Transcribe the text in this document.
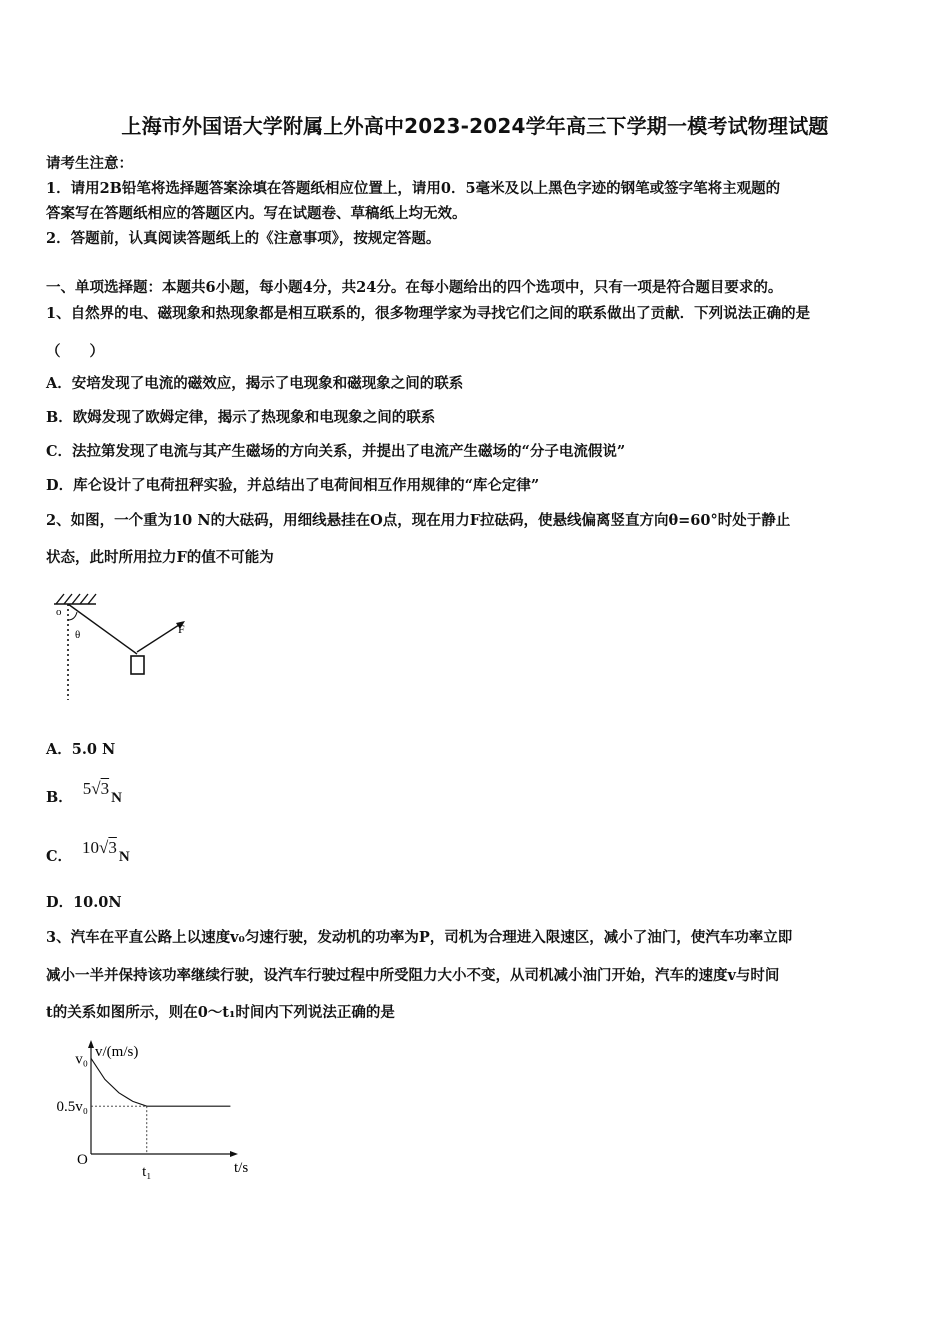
上海市外国语大学附属上外高中2023-2024学年高三下学期一模考试物理试题
请考生注意：
1．请用2B铅笔将选择题答案涂填在答题纸相应位置上，请用0．5毫米及以上黑色字迹的钢笔或签字笔将主观题的
答案写在答题纸相应的答题区内。写在试题卷、草稿纸上均无效。
2．答题前，认真阅读答题纸上的《注意事项》，按规定答题。
一、单项选择题：本题共6小题，每小题4分，共24分。在每小题给出的四个选项中，只有一项是符合题目要求的。
1、自然界的电、磁现象和热现象都是相互联系的，很多物理学家为寻找它们之间的联系做出了贡献．下列说法正确的是
（　　）
A．安培发现了电流的磁效应，揭示了电现象和磁现象之间的联系
B．欧姆发现了欧姆定律，揭示了热现象和电现象之间的联系
C．法拉第发现了电流与其产生磁场的方向关系，并提出了电流产生磁场的“分子电流假说”
D．库仑设计了电荷扭秤实验，并总结出了电荷间相互作用规律的“库仑定律”
2、如图，一个重为10 N的大砝码，用细线悬挂在O点，现在用力F拉砝码，使悬线偏离竖直方向θ=60°时处于静止
状态，此时所用拉力F的值不可能为
o
θ	F
A．5.0 N
B． 5√3 N
C． 10√3 N
D．10.0N
3、汽车在平直公路上以速度v₀匀速行驶，发动机的功率为P，司机为合理进入限速区，减小了油门，使汽车功率立即
减小一半并保持该功率继续行驶，设汽车行驶过程中所受阻力大小不变，从司机减小油门开始，汽车的速度v与时间
t的关系如图所示，则在0～t₁时间内下列说法正确的是
v/(m/s)
t/s
O
v₀
0.5v₀
t₁
